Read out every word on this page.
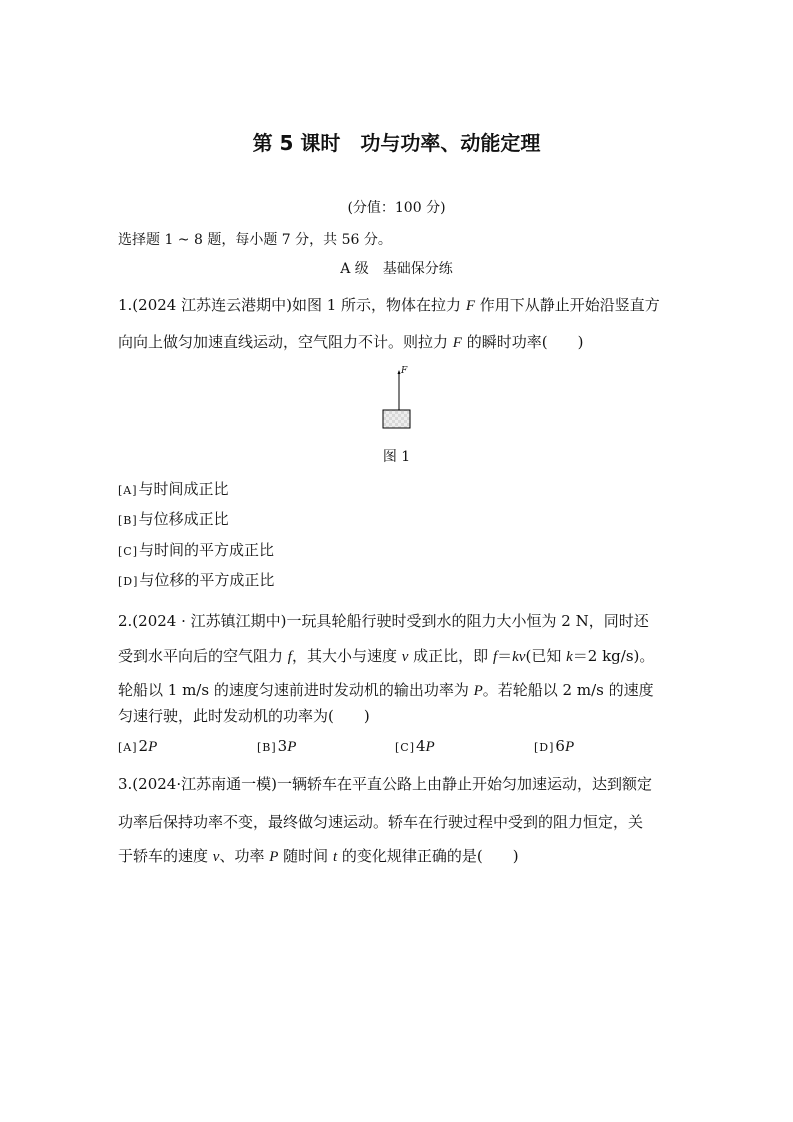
第 5 课时　功与功率、动能定理
(分值：100 分)
选择题 1 ~ 8 题，每小题 7 分，共 56 分。
A 级　基础保分练
1.(2024 江苏连云港期中)如图 1 所示，物体在拉力 F 作用下从静止开始沿竖直方
向向上做匀加速直线运动，空气阻力不计。则拉力 F 的瞬时功率(　　)
F
图 1
[A]与时间成正比
[B]与位移成正比
[C]与时间的平方成正比
[D]与位移的平方成正比
2.(2024 · 江苏镇江期中)一玩具轮船行驶时受到水的阻力大小恒为 2 N，同时还
受到水平向后的空气阻力 f，其大小与速度 v 成正比，即 f＝kv(已知 k＝2 kg/s)。
轮船以 1 m/s 的速度匀速前进时发动机的输出功率为 P。若轮船以 2 m/s 的速度
匀速行驶，此时发动机的功率为(　　)
[A]2P	[B]3P	[C]4P	[D]6P
3.(2024·江苏南通一模)一辆轿车在平直公路上由静止开始匀加速运动，达到额定
功率后保持功率不变，最终做匀速运动。轿车在行驶过程中受到的阻力恒定，关
于轿车的速度 v、功率 P 随时间 t 的变化规律正确的是(　　)
